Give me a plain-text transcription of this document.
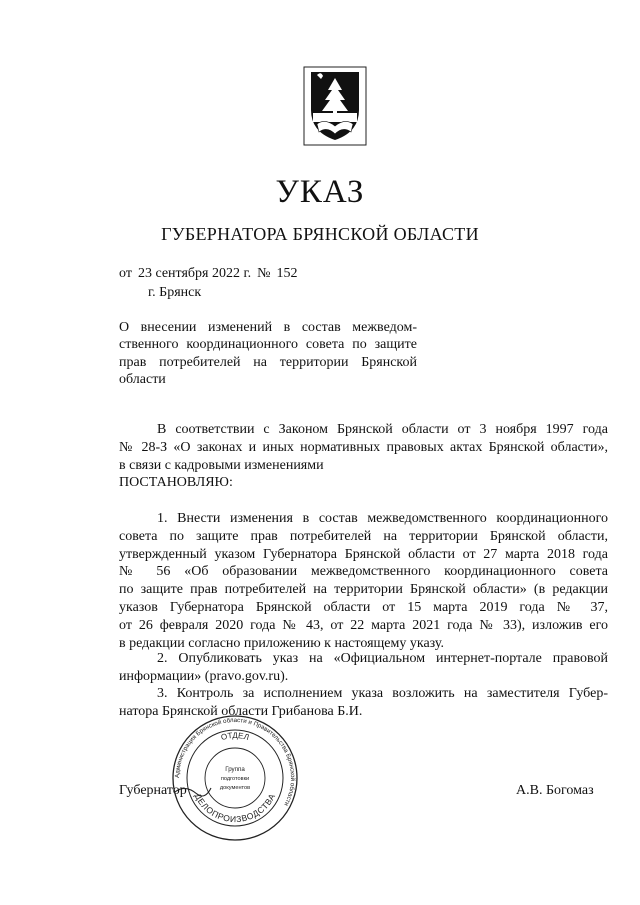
УКАЗ
ГУБЕРНАТОРА БРЯНСКОЙ ОБЛАСТИ
от 23 сентября 2022 г. № 152
г. Брянск
О внесении изменений в состав межведом-
ственного координационного совета по защите
прав потребителей на территории Брянской
области
В соответствии с Законом Брянской области от 3 ноября 1997 года
№ 28-З «О законах и иных нормативных правовых актах Брянской области»,
в связи с кадровыми изменениями
ПОСТАНОВЛЯЮ:
1. Внести изменения в состав межведомственного координационного
совета по защите прав потребителей на территории Брянской области,
утвержденный указом Губернатора Брянской области от 27 марта 2018 года
№ 56 «Об образовании межведомственного координационного совета
по защите прав потребителей на территории Брянской области» (в редакции
указов Губернатора Брянской области от 15 марта 2019 года № 37,
от 26 февраля 2020 года № 43, от 22 марта 2021 года № 33), изложив его
в редакции согласно приложению к настоящему указу.
2. Опубликовать указ на «Официальном интернет-портале правовой
информации» (pravo.gov.ru).
3. Контроль за исполнением указа возложить на заместителя Губер-
натора Брянской области Грибанова Б.И.
Губернатор	А.В. Богомаз
Администрация Брянской области и Правительства Брянской области
ОТДЕЛ
ДЕЛОПРОИЗВОДСТВА
Группа
подготовки
документов
